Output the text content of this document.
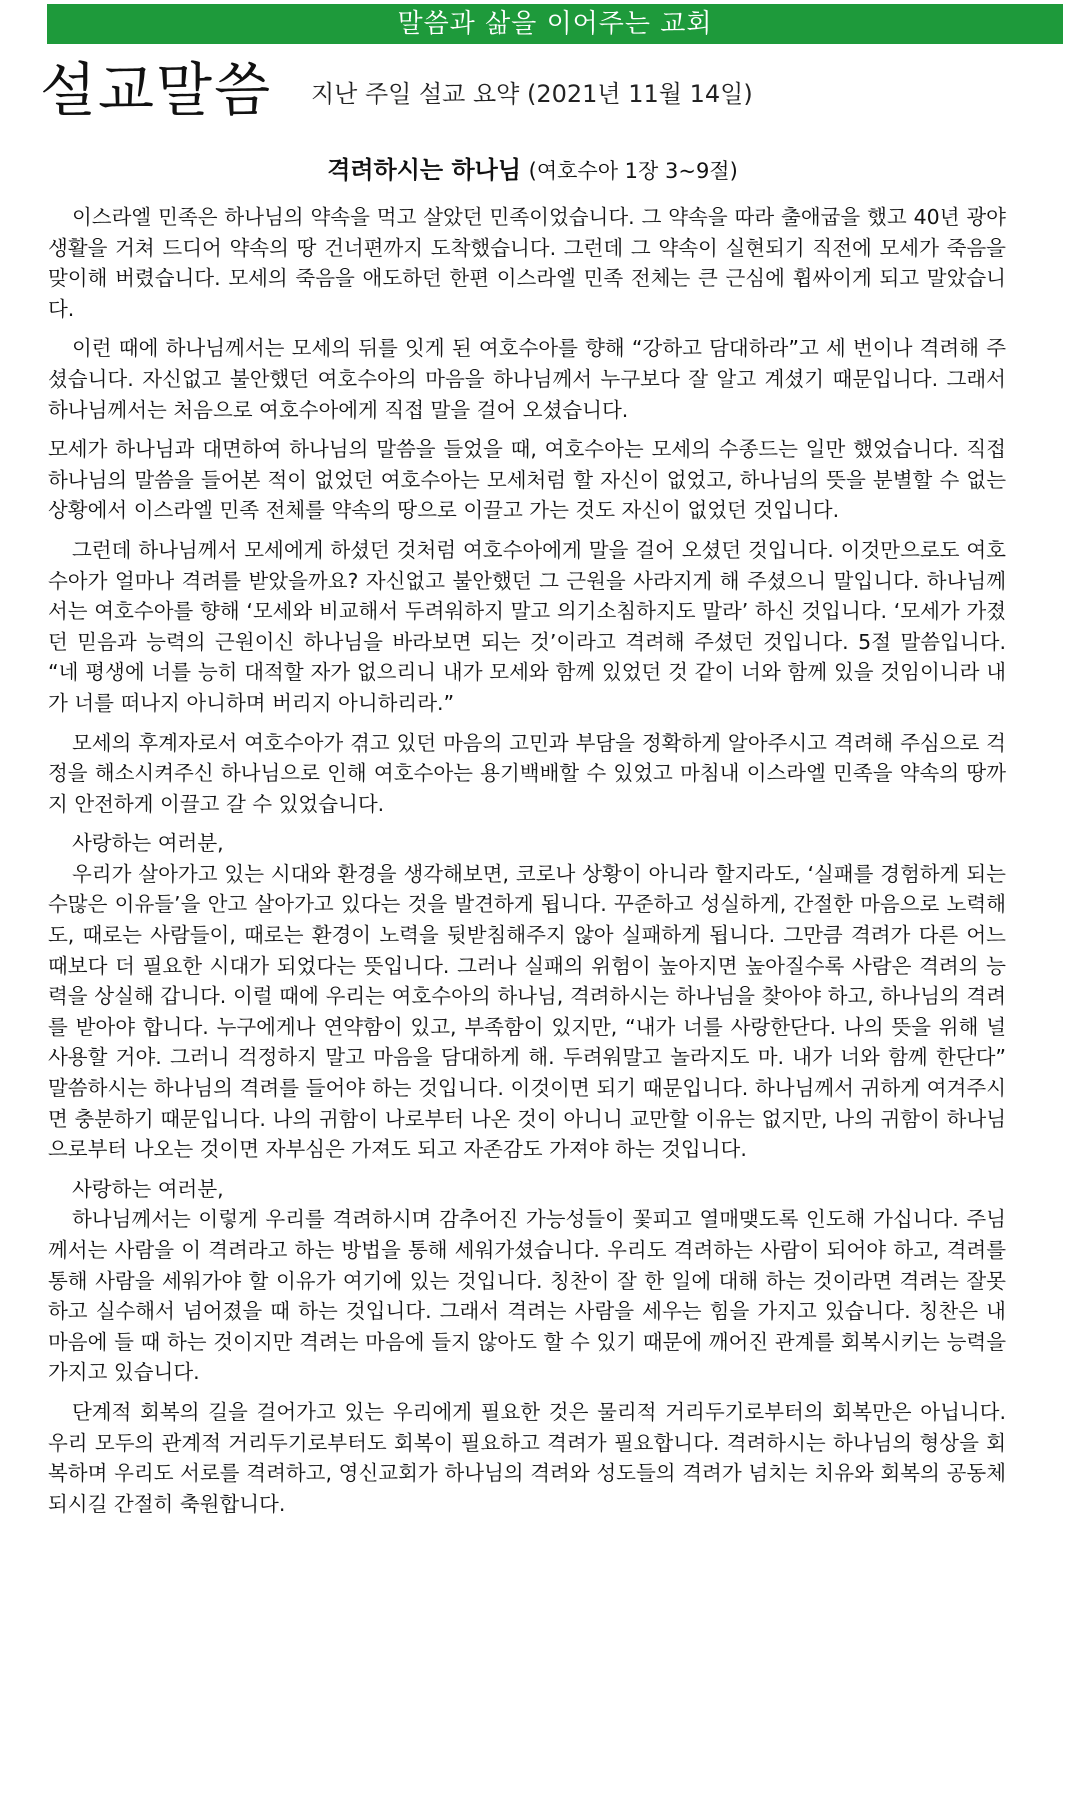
말씀과 삶을 이어주는 교회
설교말씀 지난 주일 설교 요약 (2021년 11월 14일)
격려하시는 하나님 (여호수아 1장 3~9절)

이스라엘 민족은 하나님의 약속을 먹고 살았던 민족이었습니다. 그 약속을 따라 출애굽을 했고 40년 광야 생활을 거쳐 드디어 약속의 땅 건너편까지 도착했습니다. 그런데 그 약속이 실현되기 직전에 모세가 죽음을 맞이해 버렸습니다. 모세의 죽음을 애도하던 한편 이스라엘 민족 전체는 큰 근심에 휩싸이게 되고 말았습니다.

이런 때에 하나님께서는 모세의 뒤를 잇게 된 여호수아를 향해 “강하고 담대하라”고 세 번이나 격려해 주셨습니다. 자신없고 불안했던 여호수아의 마음을 하나님께서 누구보다 잘 알고 계셨기 때문입니다. 그래서 하나님께서는 처음으로 여호수아에게 직접 말을 걸어 오셨습니다.

모세가 하나님과 대면하여 하나님의 말씀을 들었을 때, 여호수아는 모세의 수종드는 일만 했었습니다. 직접 하나님의 말씀을 들어본 적이 없었던 여호수아는 모세처럼 할 자신이 없었고, 하나님의 뜻을 분별할 수 없는 상황에서 이스라엘 민족 전체를 약속의 땅으로 이끌고 가는 것도 자신이 없었던 것입니다.

그런데 하나님께서 모세에게 하셨던 것처럼 여호수아에게 말을 걸어 오셨던 것입니다. 이것만으로도 여호수아가 얼마나 격려를 받았을까요? 자신없고 불안했던 그 근원을 사라지게 해 주셨으니 말입니다. 하나님께서는 여호수아를 향해 ‘모세와 비교해서 두려워하지 말고 의기소침하지도 말라’ 하신 것입니다. ‘모세가 가졌던 믿음과 능력의 근원이신 하나님을 바라보면 되는 것’이라고 격려해 주셨던 것입니다. 5절 말씀입니다. “네 평생에 너를 능히 대적할 자가 없으리니 내가 모세와 함께 있었던 것 같이 너와 함께 있을 것임이니라 내가 너를 떠나지 아니하며 버리지 아니하리라.”

모세의 후계자로서 여호수아가 겪고 있던 마음의 고민과 부담을 정확하게 알아주시고 격려해 주심으로 걱정을 해소시켜주신 하나님으로 인해 여호수아는 용기백배할 수 있었고 마침내 이스라엘 민족을 약속의 땅까지 안전하게 이끌고 갈 수 있었습니다.

사랑하는 여러분,

우리가 살아가고 있는 시대와 환경을 생각해보면, 코로나 상황이 아니라 할지라도, ‘실패를 경험하게 되는 수많은 이유들’을 안고 살아가고 있다는 것을 발견하게 됩니다. 꾸준하고 성실하게, 간절한 마음으로 노력해도, 때로는 사람들이, 때로는 환경이 노력을 뒷받침해주지 않아 실패하게 됩니다. 그만큼 격려가 다른 어느 때보다 더 필요한 시대가 되었다는 뜻입니다. 그러나 실패의 위험이 높아지면 높아질수록 사람은 격려의 능력을 상실해 갑니다. 이럴 때에 우리는 여호수아의 하나님, 격려하시는 하나님을 찾아야 하고, 하나님의 격려를 받아야 합니다. 누구에게나 연약함이 있고, 부족함이 있지만, “내가 너를 사랑한단다. 나의 뜻을 위해 널 사용할 거야. 그러니 걱정하지 말고 마음을 담대하게 해. 두려워말고 놀라지도 마. 내가 너와 함께 한단다” 말씀하시는 하나님의 격려를 들어야 하는 것입니다. 이것이면 되기 때문입니다. 하나님께서 귀하게 여겨주시면 충분하기 때문입니다. 나의 귀함이 나로부터 나온 것이 아니니 교만할 이유는 없지만, 나의 귀함이 하나님으로부터 나오는 것이면 자부심은 가져도 되고 자존감도 가져야 하는 것입니다.

사랑하는 여러분,

하나님께서는 이렇게 우리를 격려하시며 감추어진 가능성들이 꽃피고 열매맺도록 인도해 가십니다. 주님께서는 사람을 이 격려라고 하는 방법을 통해 세워가셨습니다. 우리도 격려하는 사람이 되어야 하고, 격려를 통해 사람을 세워가야 할 이유가 여기에 있는 것입니다. 칭찬이 잘 한 일에 대해 하는 것이라면 격려는 잘못하고 실수해서 넘어졌을 때 하는 것입니다. 그래서 격려는 사람을 세우는 힘을 가지고 있습니다. 칭찬은 내 마음에 들 때 하는 것이지만 격려는 마음에 들지 않아도 할 수 있기 때문에 깨어진 관계를 회복시키는 능력을 가지고 있습니다.

단계적 회복의 길을 걸어가고 있는 우리에게 필요한 것은 물리적 거리두기로부터의 회복만은 아닙니다. 우리 모두의 관계적 거리두기로부터도 회복이 필요하고 격려가 필요합니다. 격려하시는 하나님의 형상을 회복하며 우리도 서로를 격려하고, 영신교회가 하나님의 격려와 성도들의 격려가 넘치는 치유와 회복의 공동체 되시길 간절히 축원합니다.
